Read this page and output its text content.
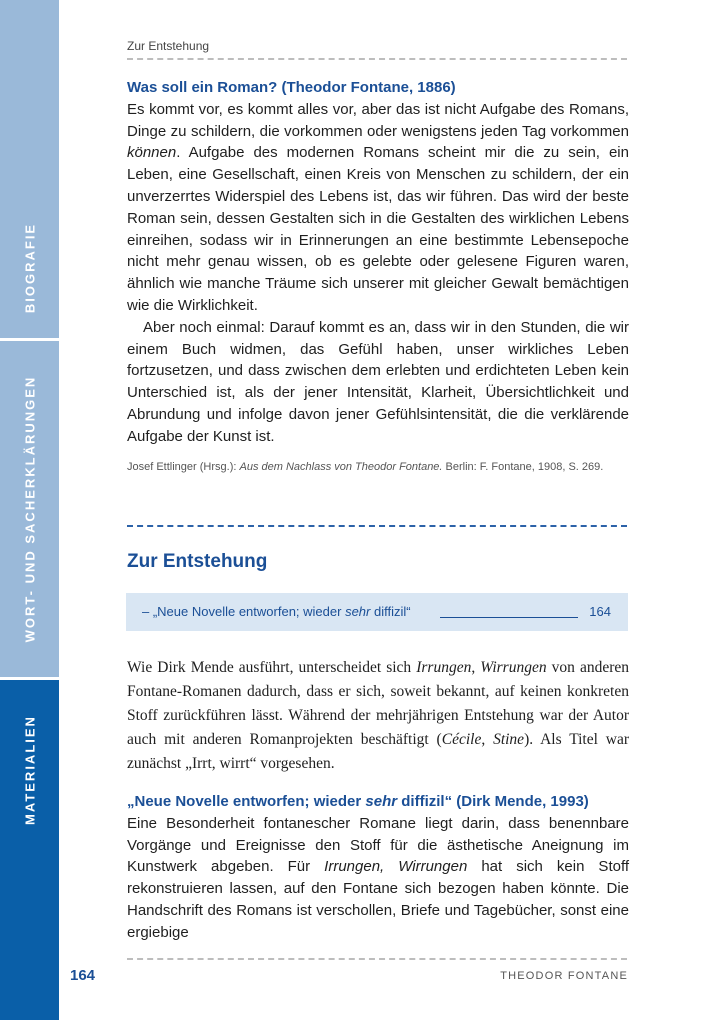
BIOGRAFIE
WORT- UND SACHERKLÄRUNGEN
MATERIALIEN
Zur Entstehung

Was soll ein Roman? (Theodor Fontane, 1886)

Es kommt vor, es kommt alles vor, aber das ist nicht Aufgabe des Romans, Dinge zu schildern, die vorkommen oder wenigstens jeden Tag vorkommen können. Aufgabe des modernen Romans scheint mir die zu sein, ein Leben, eine Gesellschaft, einen Kreis von Menschen zu schildern, der ein unverzerrtes Widerspiel des Lebens ist, das wir führen. Das wird der beste Roman sein, dessen Gestalten sich in die Gestalten des wirklichen Lebens einreihen, sodass wir in Erinnerungen an eine bestimmte Lebensepoche nicht mehr genau wissen, ob es gelebte oder gelesene Figuren waren, ähnlich wie manche Träume sich unserer mit gleicher Gewalt bemächtigen wie die Wirklichkeit.

Aber noch einmal: Darauf kommt es an, dass wir in den Stunden, die wir einem Buch widmen, das Gefühl haben, unser wirkliches Leben fortzusetzen, und dass zwischen dem erlebten und erdichteten Leben kein Unterschied ist, als der jener Intensität, Klarheit, Übersichtlichkeit und Abrundung und infolge davon jener Gefühlsintensität, die die verklärende Aufgabe der Kunst ist.

Josef Ettlinger (Hrsg.): Aus dem Nachlass von Theodor Fontane. Berlin: F. Fontane, 1908, S. 269.
Zur Entstehung
– „Neue Novelle entworfen; wieder sehr diffizil“	164

Wie Dirk Mende ausführt, unterscheidet sich Irrungen, Wirrungen von anderen Fontane-Romanen dadurch, dass er sich, soweit bekannt, auf keinen konkreten Stoff zurückführen lässt. Während der mehrjährigen Entstehung war der Autor auch mit anderen Romanprojekten beschäftigt (Cécile, Stine). Als Titel war zunächst „Irrt, wirrt“ vorgesehen.

„Neue Novelle entworfen; wieder sehr diffizil“ (Dirk Mende, 1993)

Eine Besonderheit fontanescher Romane liegt darin, dass benennbare Vorgänge und Ereignisse den Stoff für die ästhetische Aneignung im Kunstwerk abgeben. Für Irrungen, Wirrungen hat sich kein Stoff rekonstruieren lassen, auf den Fontane sich bezogen haben könnte. Die Handschrift des Romans ist verschollen, Briefe und Tagebücher, sonst eine ergiebige

164	THEODOR FONTANE
